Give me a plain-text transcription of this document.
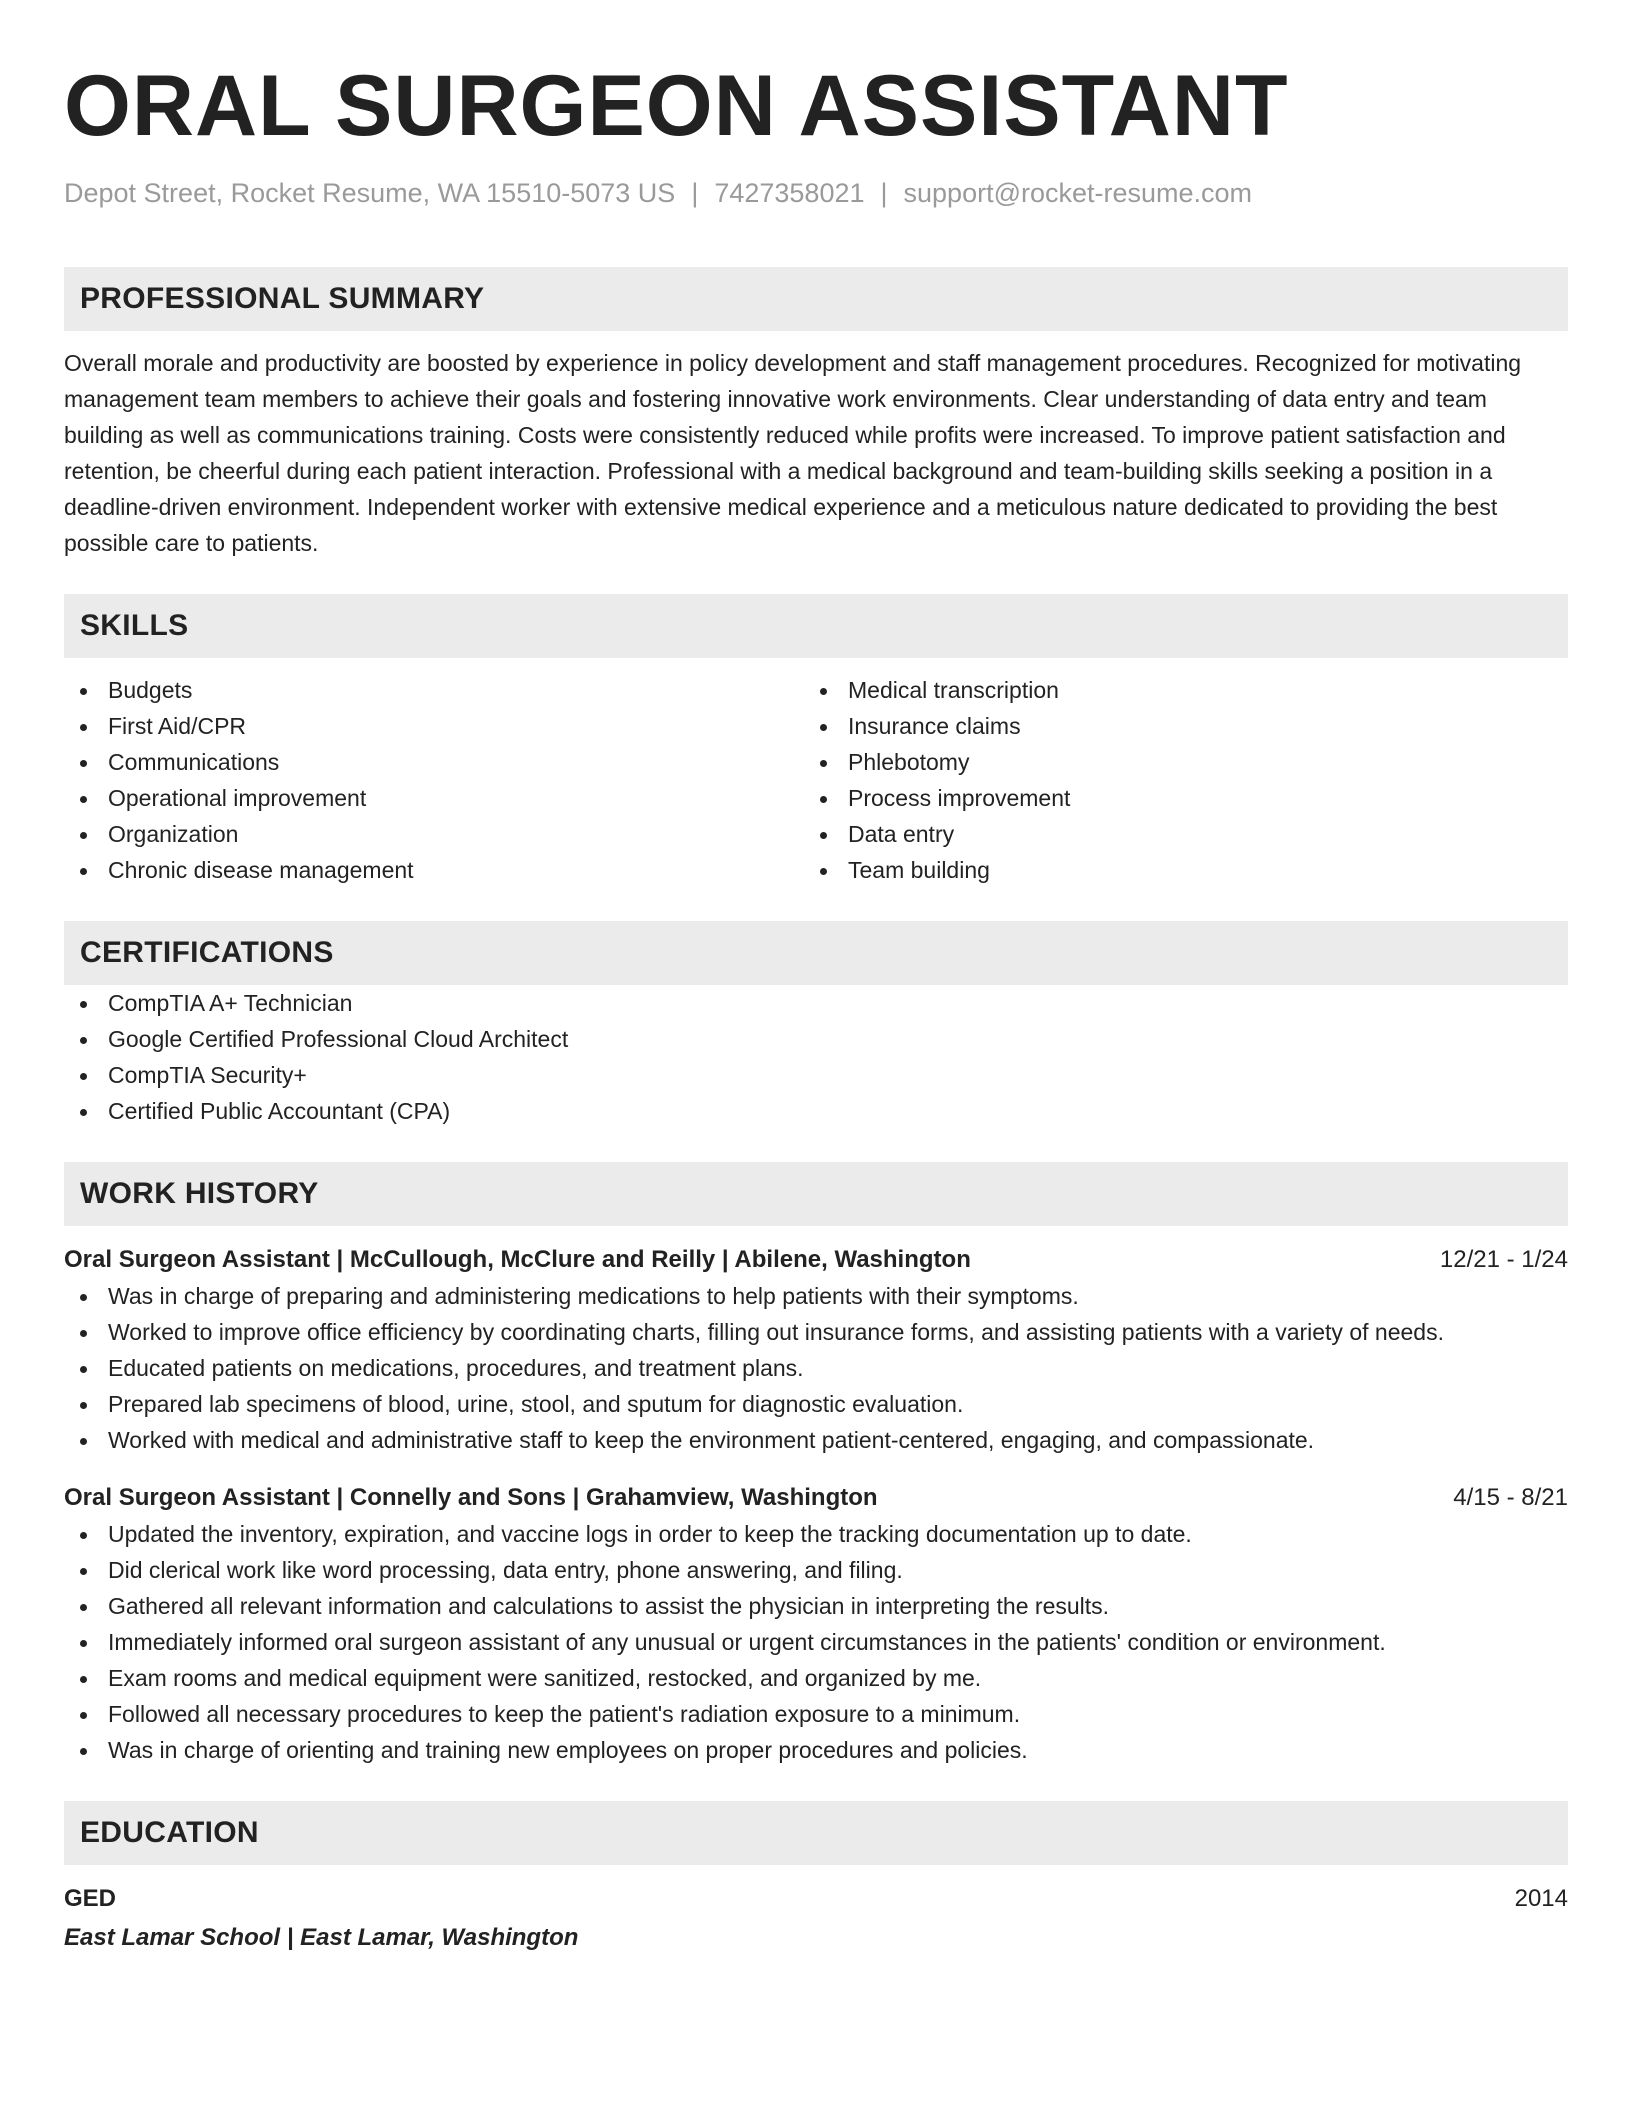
ORAL SURGEON ASSISTANT
Depot Street, Rocket Resume, WA 15510-5073 US | 7427358021 | support@rocket-resume.com
PROFESSIONAL SUMMARY

Overall morale and productivity are boosted by experience in policy development and staff management procedures. Recognized for motivating management team members to achieve their goals and fostering innovative work environments. Clear understanding of data entry and team building as well as communications training. Costs were consistently reduced while profits were increased. To improve patient satisfaction and retention, be cheerful during each patient interaction. Professional with a medical background and team-building skills seeking a position in a deadline-driven environment. Independent worker with extensive medical experience and a meticulous nature dedicated to providing the best possible care to patients.

SKILLS
Budgets
First Aid/CPR
Communications
Operational improvement
Organization
Chronic disease management
Medical transcription
Insurance claims
Phlebotomy
Process improvement
Data entry
Team building
CERTIFICATIONS
CompTIA A+ Technician
Google Certified Professional Cloud Architect
CompTIA Security+
Certified Public Accountant (CPA)
WORK HISTORY
Oral Surgeon Assistant | McCullough, McClure and Reilly | Abilene, Washington	12/21 - 1/24
Was in charge of preparing and administering medications to help patients with their symptoms.
Worked to improve office efficiency by coordinating charts, filling out insurance forms, and assisting patients with a variety of needs.
Educated patients on medications, procedures, and treatment plans.
Prepared lab specimens of blood, urine, stool, and sputum for diagnostic evaluation.
Worked with medical and administrative staff to keep the environment patient-centered, engaging, and compassionate.
Oral Surgeon Assistant | Connelly and Sons | Grahamview, Washington	4/15 - 8/21
Updated the inventory, expiration, and vaccine logs in order to keep the tracking documentation up to date.
Did clerical work like word processing, data entry, phone answering, and filing.
Gathered all relevant information and calculations to assist the physician in interpreting the results.
Immediately informed oral surgeon assistant of any unusual or urgent circumstances in the patients' condition or environment.
Exam rooms and medical equipment were sanitized, restocked, and organized by me.
Followed all necessary procedures to keep the patient's radiation exposure to a minimum.
Was in charge of orienting and training new employees on proper procedures and policies.
EDUCATION
GED	2014
East Lamar School | East Lamar, Washington
